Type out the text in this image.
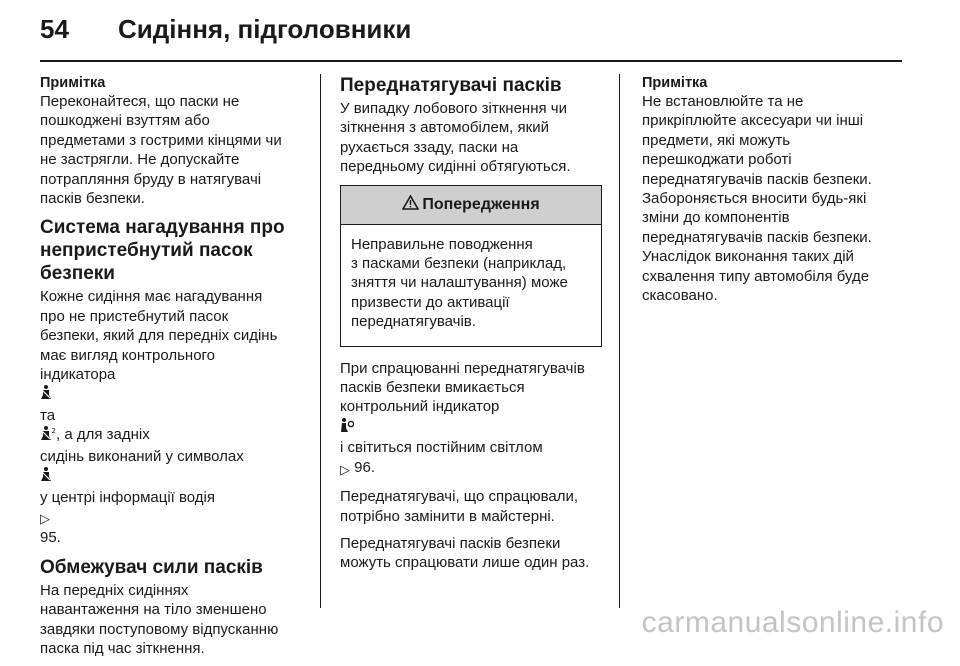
54 Сидіння, підголовники
Примітка
Переконайтеся, що паски не
пошкоджені взуттям або
предметами з гострими кінцями чи
не застрягли. Не допускайте
потрапляння бруду в натягувачі
пасків безпеки.
Система нагадування про
непристебнутий пасок
безпеки
Кожне сидіння має нагадування
про не пристебнутий пасок
безпеки, який для передніх сидінь
має вигляд контрольного
індикатора

та

2 , а для задніх
сидінь виконаний у символах

у центрі інформації водія
▷
95.

Обмежувач сили пасків
На передніх сидіннях
навантаження на тіло зменшено
завдяки поступовому відпусканню
паска під час зіткнення.
Переднатягувачі пасків
У випадку лобового зіткнення чи
зіткнення з автомобілем, який
рухається ззаду, паски на
передньому сидінні обтягуються.
Попередження
Неправильне поводження
з пасками безпеки (наприклад,
зняття чи налаштування) може
призвести до активації
переднатягувачів.
При спрацюванні переднатягувачів
пасків безпеки вмикається
контрольний індикатор

і світиться постійним світлом
▷ 96.
Переднатягувачі, що спрацювали,
потрібно замінити в майстерні.
Переднатягувачі пасків безпеки
можуть спрацювати лише один раз.
Примітка
Не встановлюйте та не
прикріплюйте аксесуари чи інші
предмети, які можуть
перешкоджати роботі
переднатягувачів пасків безпеки.
Забороняється вносити будь-які
зміни до компонентів
переднатягувачів пасків безпеки.
Унаслідок виконання таких дій
схвалення типу автомобіля буде
скасовано.
carmanualsonline.info
